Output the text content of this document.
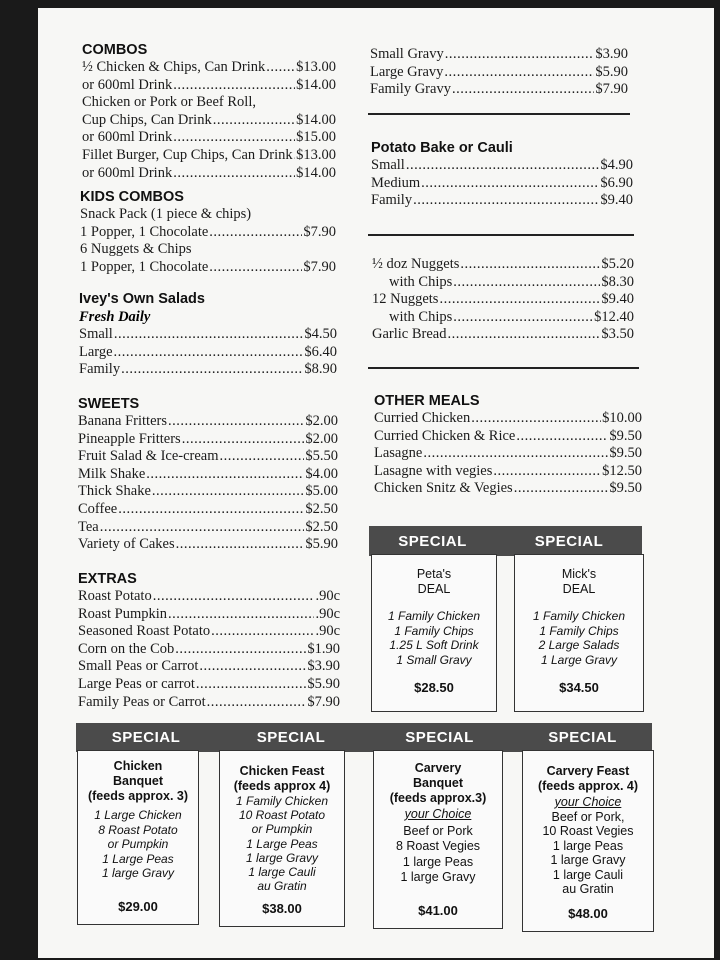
COMBOS
½ Chicken & Chips, Can Drink ..... $13.00
or 600ml Drink .....	$14.00
Chicken or Pork or Beef Roll,
Cup Chips, Can Drink .....	$14.00
or 600ml Drink .....	$15.00
Fillet Burger, Cup Chips, Can Drink ..... $13.00
or 600ml Drink .....	$14.00
KIDS COMBOS
Snack Pack (1 piece & chips)
1 Popper, 1 Chocolate .....	$7.90
6 Nuggets & Chips
1 Popper, 1 Chocolate .....	$7.90
Ivey's Own Salads
Fresh Daily
Small .....	$4.50
Large .....	$6.40
Family .....	$8.90
SWEETS
Banana Fritters .....	$2.00
Pineapple Fritters .....	$2.00
Fruit Salad & Ice-cream .....	$5.50
Milk Shake .....	$4.00
Thick Shake .....	$5.00
Coffee .....	$2.50
Tea .....	$2.50
Variety of Cakes .....	$5.90
EXTRAS
Roast Potato .....	.90c
Roast Pumpkin .....	.90c
Seasoned Roast Potato .....	.90c
Corn on the Cob .....	$1.90
Small Peas or Carrot .....	$3.90
Large Peas or carrot .....	$5.90
Family Peas or Carrot .....	$7.90
Small Gravy .....	$3.90
Large Gravy .....	$5.90
Family Gravy .....	$7.90
Potato Bake or Cauli
Small .....	$4.90
Medium .....	$6.90
Family .....	$9.40
½ doz Nuggets .....	$5.20
with Chips .....	$8.30
12 Nuggets .....	$9.40
with Chips .....	$12.40
Garlic Bread .....	$3.50
OTHER MEALS
Curried Chicken .....	$10.00
Curried Chicken & Rice .....	$9.50
Lasagne .....	$9.50
Lasagne with vegies .....	$12.50
Chicken Snitz & Vegies .....	$9.50
SPECIAL	SPECIAL
Peta's
DEAL
1 Family Chicken
1 Family Chips
1.25 L Soft Drink
1 Small Gravy
$28.50
Mick's
DEAL
1 Family Chicken
1 Family Chips
2 Large Salads
1 Large Gravy
$34.50
SPECIAL	SPECIAL	SPECIAL	SPECIAL
Chicken
Banquet
(feeds approx. 3)
1 Large Chicken
8 Roast Potato
or Pumpkin
1 Large Peas
1 large Gravy
$29.00
Chicken Feast
(feeds approx 4)
1 Family Chicken
10 Roast Potato
or Pumpkin
1 Large Peas
1 large Gravy
1 large Cauli
au Gratin
$38.00
Carvery
Banquet
(feeds approx.3)
your Choice
Beef or Pork
8 Roast Vegies
1 large Peas
1 large Gravy
$41.00
Carvery Feast
(feeds approx. 4)
your Choice
Beef or Pork,
10 Roast Vegies
1 large Peas
1 large Gravy
1 large Cauli
au Gratin
$48.00
